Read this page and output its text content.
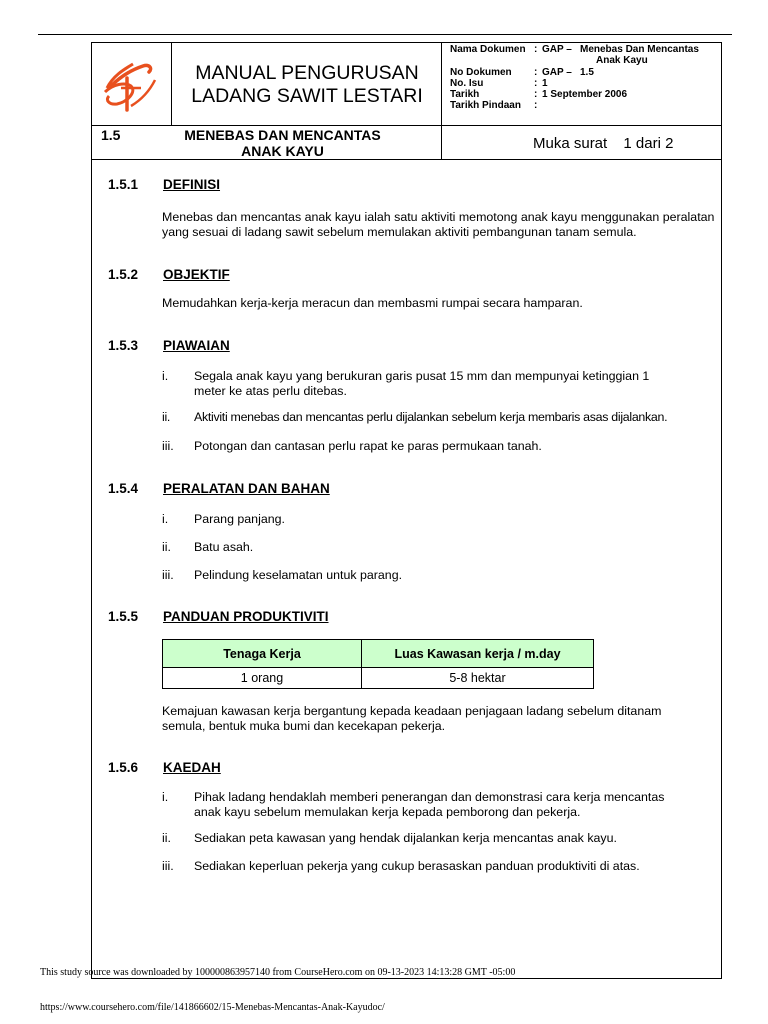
MANUAL PENGURUSAN
LADANG SAWIT LESTARI
Nama Dokumen : GAP – Menebas Dan Mencantas
Anak Kayu
No Dokumen : GAP – 1.5
No. Isu	: 1
Tarikh	: 1 September 2006
Tarikh Pindaan :
1.5	MENEBAS DAN MENCANTAS
ANAK KAYU	Muka surat 1 dari 2
1.5.1 DEFINISI
Menebas dan mencantas anak kayu ialah satu aktiviti memotong anak kayu menggunakan peralatan
yang sesuai di ladang sawit sebelum memulakan aktiviti pembangunan tanam semula.
1.5.2 OBJEKTIF
Memudahkan kerja-kerja meracun dan membasmi rumpai secara hamparan.
1.5.3 PIAWAIAN
i. Segala anak kayu yang berukuran garis pusat 15 mm dan mempunyai ketinggian 1
meter ke atas perlu ditebas.
ii. Aktiviti menebas dan mencantas perlu dijalankan sebelum kerja membaris asas dijalankan.
iii. Potongan dan cantasan perlu rapat ke paras permukaan tanah.
1.5.4 PERALATAN DAN BAHAN
i. Parang panjang.
ii. Batu asah.
iii. Pelindung keselamatan untuk parang.
1.5.5 PANDUAN PRODUKTIVITI
Tenaga Kerja	Luas Kawasan kerja / m.day
1 orang	5-8 hektar
Kemajuan kawasan kerja bergantung kepada keadaan penjagaan ladang sebelum ditanam
semula, bentuk muka bumi dan kecekapan pekerja.
1.5.6 KAEDAH
i. Pihak ladang hendaklah memberi penerangan dan demonstrasi cara kerja mencantas
anak kayu sebelum memulakan kerja kepada pemborong dan pekerja.
ii. Sediakan peta kawasan yang hendak dijalankan kerja mencantas anak kayu.
iii. Sediakan keperluan pekerja yang cukup berasaskan panduan produktiviti di atas.
This study source was downloaded by 100000863957140 from CourseHero.com on 09-13-2023 14:13:28 GMT -05:00
https://www.coursehero.com/file/141866602/15-Menebas-Mencantas-Anak-Kayudoc/
